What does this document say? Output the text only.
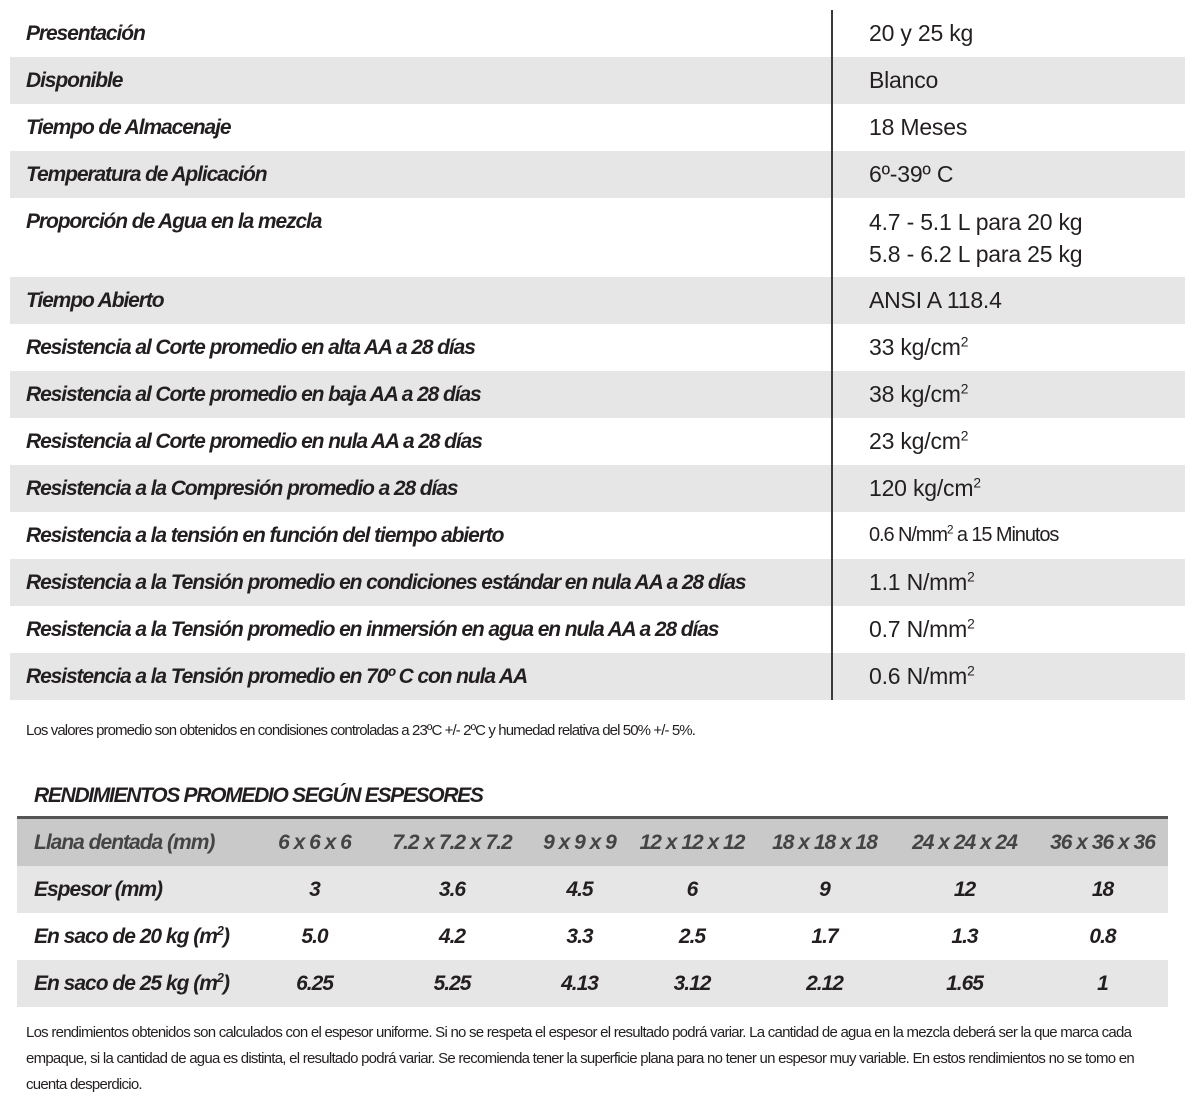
Presentación	20 y 25 kg
Disponible	Blanco
Tiempo de Almacenaje	18 Meses
Temperatura de Aplicación	6º-39º C
Proporción de Agua en la mezcla	4.7 - 5.1 L para 20 kg
5.8 - 6.2 L para 25 kg
Tiempo Abierto	ANSI A 118.4
Resistencia al Corte promedio en alta AA a 28 días	33 $kg/cm^2$
Resistencia al Corte promedio en baja AA a 28 días	38 $kg/cm^2$
Resistencia al Corte promedio en nula AA a 28 días	23 $kg/cm^2$
Resistencia a la Compresión promedio a 28 días	120 $kg/cm^2$
Resistencia a la tensión en función del tiempo abierto	0.6 $N/mm^2$ a 15 Minutos
Resistencia a la Tensión promedio en condiciones estándar en nula AA a 28 días	1.1 $N/mm^2$
Resistencia a la Tensión promedio en inmersión en agua en nula AA a 28 días	0.7 $N/mm^2$
Resistencia a la Tensión promedio en 70º C con nula AA	0.6 $N/mm^2$
Los valores promedio son obtenidos en condisiones controladas a 23ºC +/- 2ºC y humedad relativa del 50% +/- 5%.
RENDIMIENTOS PROMEDIO SEGÚN ESPESORES
Llana dentada (mm)	6 x 6 x 6	7.2 x 7.2 x 7.2	9 x 9 x 9	12 x 12 x 12	18 x 18 x 18	24 x 24 x 24	36 x 36 x 36
Espesor (mm)	3	3.6	4.5	6	9	12	18
En saco de 20 kg $(m^2)$	5.0	4.2	3.3	2.5	1.7	1.3	0.8
En saco de 25 kg $(m^2)$	6.25	5.25	4.13	3.12	2.12	1.65	1
Los rendimientos obtenidos son calculados con el espesor uniforme. Si no se respeta el espesor el resultado podrá variar. La cantidad de agua en la mezcla deberá ser la que marca cada empaque, si la cantidad de agua es distinta, el resultado podrá variar. Se recomienda tener la superficie plana para no tener un espesor muy variable. En estos rendimientos no se tomo en cuenta desperdicio.
